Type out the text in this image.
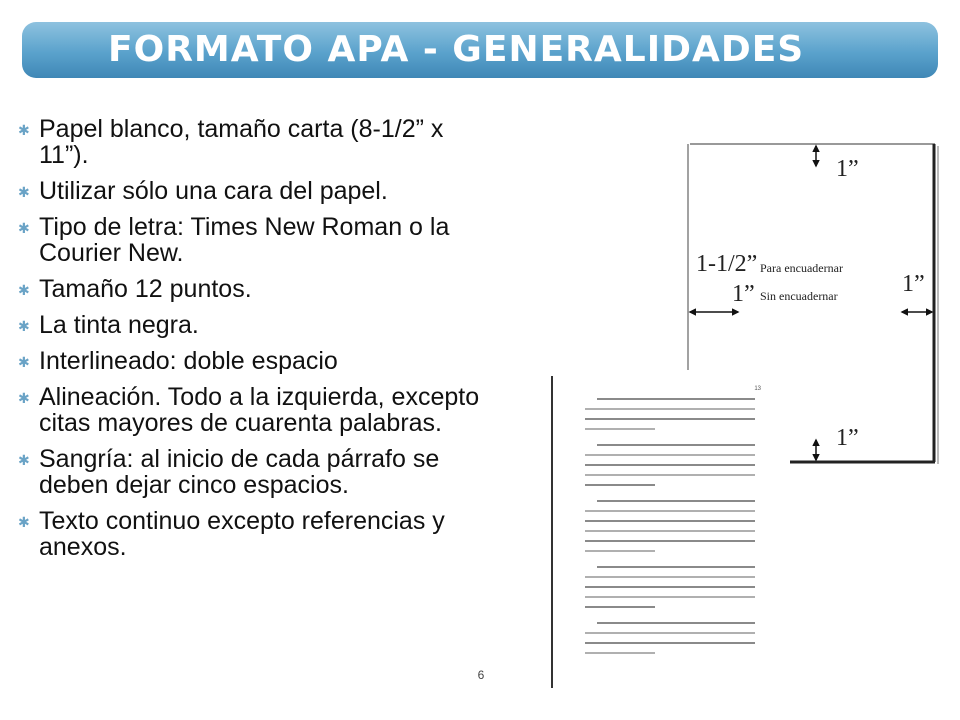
FORMATO APA - GENERALIDADES
✱ Papel blanco, tamaño carta (8-1/2” x 11”).
✱ Utilizar sólo una cara del papel.
✱ Tipo de letra: Times New Roman o la Courier New.
✱ Tamaño 12 puntos.
✱ La tinta negra.
✱ Interlineado: doble espacio
✱ Alineación. Todo a la izquierda, excepto citas mayores de cuarenta palabras.
✱ Sangría: al inicio de cada párrafo se deben dejar cinco espacios.
✱ Texto continuo excepto referencias y anexos.
6
1”
1-1/2” Para encuadernar
1” Sin encuadernar	1”
1”
13
